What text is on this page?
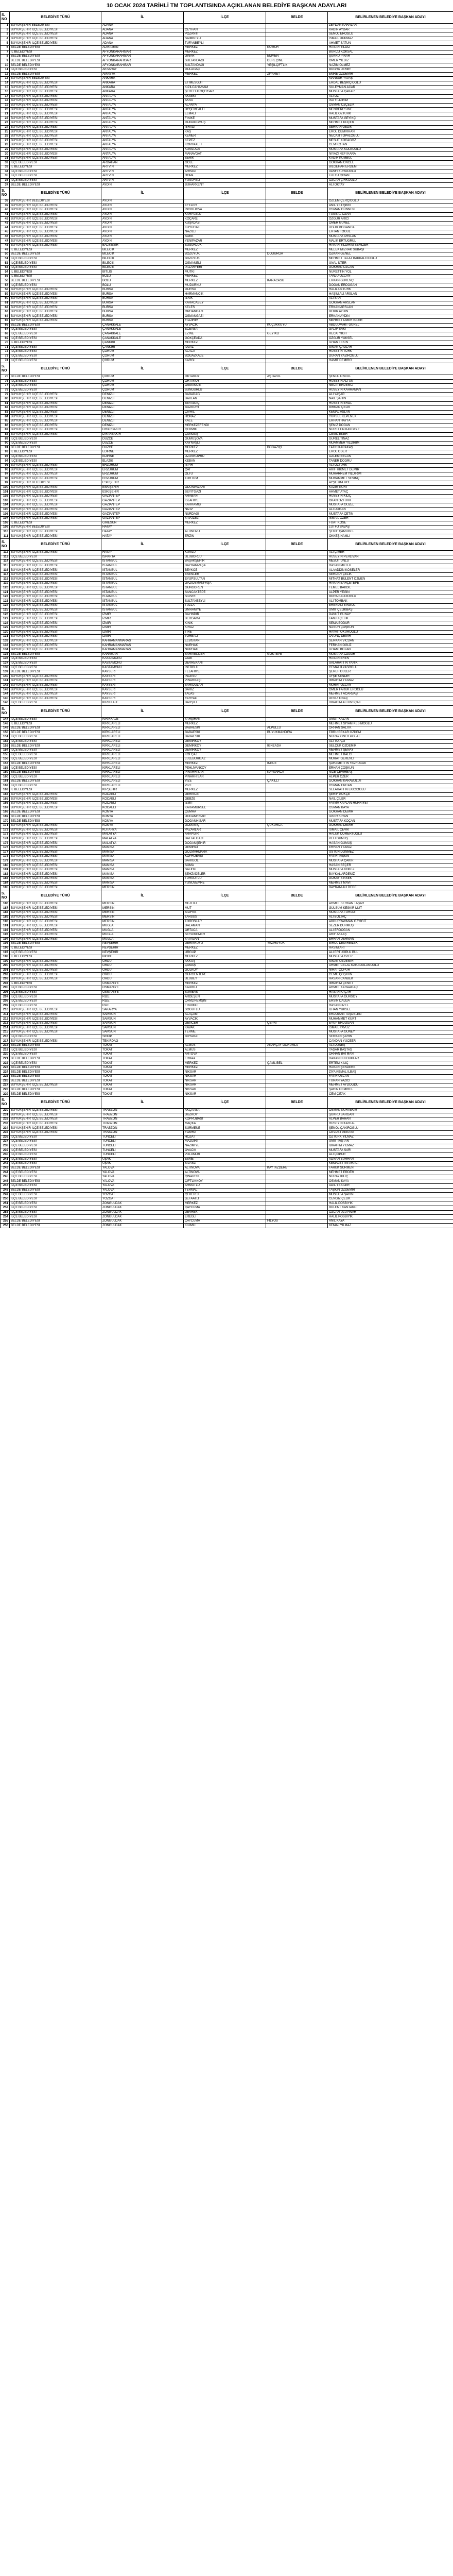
10 OCAK 2024 TARİHLİ TM TOPLANTISINDA AÇIKLANAN BELEDİYE BAŞKAN ADAYLARI
S. NO	BELEDİYE TÜRÜ	İL	İLÇE	BELDE	BELİRLENEN BELEDİYE BAŞKAN ADAYI
1	BÜYÜKŞEHİR BELEDİYESİ	ADANA			ZEYDAN KARALAR
2	BÜYÜKŞEHİR İLÇE BELEDİYESİ	ADANA	CEYHAN		KADİR AYDAR
3	BÜYÜKŞEHİR İLÇE BELEDİYESİ	ADANA	POZANTI		SENOL EROĞLU
4	BÜYÜKŞEHİR İLÇE BELEDİYESİ	ADANA	SAİMBEYLİ		İSMAİL DURMAZ
5	BÜYÜKŞEHİR İLÇE BELEDİYESİ	ADANA	TUFANBEYLİ		AHMET SATUN
6	BELDE BELEDİYESİ	ADIYAMAN	MERKEZ	KÖMÜR	HASAN YILDIZ
7	İL BELEDİYESİ	AFYONKARAHİSAR	MERKEZ		BURCU KÖKSAL
8	BELDE BELEDİYESİ	AFYONKARAHİSAR	DİNAR	EMMEN	ŞÜKRÜ PINAR
9	BELDE BELEDİYESİ	AFYONKARAHİSAR	SULTANDAĞI	DEREÇİNE	ÖMER YILDIZ
10	BELDE BELEDİYESİ	AFYONKARAHİSAR	SULTANDAĞI	YEŞİLÇİFTLİK	NAZIM ÖLMEZ
11	İLÇE BELEDİYESİ	AKSARAY	GÜLAĞAÇ		BUĞRA DEMİR
12	BELDE BELEDİYESİ	AMASYA	MERKEZ	ZİYARET	EMRE ÖZDEMİR
13	BÜYÜKŞEHİR BELEDİYESİ	ANKARA			MANSUR YAVAŞ
14	BÜYÜKŞEHİR İLÇE BELEDİYESİ	ANKARA	ETİMESGUT		ERDAL BEŞİKÇİOĞLU
15	BÜYÜKŞEHİR İLÇE BELEDİYESİ	ANKARA	KIZILCAHAMAM		SÜLEYMAN ACAR
16	BÜYÜKŞEHİR İLÇE BELEDİYESİ	ANKARA	ŞEREFLİKOÇHİSAR		MUSTAFA ÇAKAR
17	BÜYÜKŞEHİR İLÇE BELEDİYESİ	ANTALYA	AKSEKİ		ALİ ÖZ
18	BÜYÜKŞEHİR İLÇE BELEDİYESİ	ANTALYA	AKSU		İSA YILDIRIM
19	BÜYÜKŞEHİR İLÇE BELEDİYESİ	ANTALYA	ALANYA		OSMAN ÖZÇELİK
20	BÜYÜKŞEHİR İLÇE BELEDİYESİ	ANTALYA	DÖŞEMEALTI		MENDERES İNE
21	BÜYÜKŞEHİR İLÇE BELEDİYESİ	ANTALYA	ELMALI		HALİL ÖZTÜRK
22	BÜYÜKŞEHİR İLÇE BELEDİYESİ	ANTALYA	FİNİKE		MUSTAFA GEYİKÇİ
23	BÜYÜKŞEHİR İLÇE BELEDİYESİ	ANTALYA	GÜNDOĞMUŞ		MEHMET KOÇER
24	BÜYÜKŞEHİR İLÇE BELEDİYESİ	ANTALYA	İBRADI		SERKAN GEDİK
25	BÜYÜKŞEHİR İLÇE BELEDİYESİ	ANTALYA	KAŞ		EROL DEMİRHAN
26	BÜYÜKŞEHİR İLÇE BELEDİYESİ	ANTALYA	KEMER		NECATİ TOPALOĞLU
27	BÜYÜKŞEHİR İLÇE BELEDİYESİ	ANTALYA	KEPEZ		MESUT KOCAGÖZ
28	BÜYÜKŞEHİR İLÇE BELEDİYESİ	ANTALYA	KONYAALTI		CEM KOTAN
29	BÜYÜKŞEHİR İLÇE BELEDİYESİ	ANTALYA	KUMLUCA		MUSTAFA KÖLEOĞLU
30	BÜYÜKŞEHİR İLÇE BELEDİYESİ	ANTALYA	MANAVGAT		NİYAZİ NEFİ KARA
31	BÜYÜKŞEHİR İLÇE BELEDİYESİ	ANTALYA	SERİK		KADİR KUMBUL
32	İLÇE BELEDİYESİ	ARDAHAN	GÖLE		GÖKHAN ÖNCEL
33	İL BELEDİYESİ	ARTVİN	MERKEZ		BİLGEHAN ERDEM
34	İLÇE BELEDİYESİ	ARTVİN	ARHAVİ		VASFİ KURDOĞLU
35	İLÇE BELEDİYESİ	ARTVİN	HOPA		LÜTFÜ ÇİRAN
36	İLÇE BELEDİYESİ	ARTVİN	YUSUFELİ		ÖZCAN ÇİRKOĞLU
37	BELDE BELEDİYESİ	AYDIN	BUHARKENT		ALİ OKTAY
S. NO	BELEDİYE TÜRÜ	İL	İLÇE	BELDE	BELİRLENEN BELEDİYE BAŞKAN ADAYI
38	BÜYÜKŞEHİR BELEDİYESİ	AYDIN			ÖZLEM ÇERÇİOĞLU
39	BÜYÜKŞEHİR İLÇE BELEDİYESİ	AYDIN	EFELER		ANIL YETİŞKİN
40	BÜYÜKŞEHİR İLÇE BELEDİYESİ	AYDIN	İNCİRLİOVA		OSMAN GÜNNEN
41	BÜYÜKŞEHİR İLÇE BELEDİYESİ	AYDIN	KARPUZLU		TUĞBAL OZAN
42	BÜYÜKŞEHİR İLÇE BELEDİYESİ	AYDIN	KOÇARLI		ÖZGÜR ARICI
43	BÜYÜKŞEHİR İLÇE BELEDİYESİ	AYDIN	KUŞADASI		ÖMER GÜNEL
44	BÜYÜKŞEHİR İLÇE BELEDİYESİ	AYDIN	KUYUCAK		UĞUR DOĞANCA
45	BÜYÜKŞEHİR İLÇE BELEDİYESİ	AYDIN	NAZİLLİ		ERTAN TOĞUL
46	BÜYÜKŞEHİR İLÇE BELEDİYESİ	AYDIN	SÖKE		MUSTAFA ARSLAN
47	BÜYÜKŞEHİR İLÇE BELEDİYESİ	AYDIN	YENİPAZAR		MALİK ERTUĞRUL
48	BÜYÜKŞEHİR İLÇE BELEDİYESİ	BALIKESİR	SUSURLUK		HAKAN YILDIRIM SEMİZER
49	İL BELEDİYESİ	BİLECİK	MERKEZ		MELEK MIZRAK SUBAŞI
50	BELDE BELEDİYESİ	BİLECİK	BOZÜYÜK	DODURGA	ÖZKAN GENEL
51	İLÇE BELEDİYESİ	BİLECİK	BOZÜYÜK		MEHMET TALAT BAKKALCIOĞLU
52	İLÇE BELEDİYESİ	BİLECİK	OSMANELİ		ÜNAL İLTER
53	İLÇE BELEDİYESİ	BİLECİK	PAZARYERİ		GÖKHAN ÖZCAN
54	İL BELEDİYESİ	BİTLİS	MUTKİ		NURETTİN YOL
55	İL BELEDİYESİ	BOLU	MERKEZ		TANJU ÖZCAN
56	BELDE BELEDİYESİ	BOLU	MERKEZ	KARACASU	ERKAN GÜVENÇ
57	İLÇE BELEDİYESİ	BOLU	MUDURNU		DOĞAN ERDOĞAN
58	BÜYÜKŞEHİR İLÇE BELEDİYESİ	BURSA	GÜRSU		HALİL ÖZTÜRK
59	BÜYÜKŞEHİR İLÇE BELEDİYESİ	BURSA	HARMANCIK		HAŞİM ALİ ARSLAN
60	BÜYÜKŞEHİR İLÇE BELEDİYESİ	BURSA	İZNİK		ALİ SAR
61	BÜYÜKŞEHİR İLÇE BELEDİYESİ	BURSA	KARACABEY		GÖKHAN ARSLAN
62	BÜYÜKŞEHİR İLÇE BELEDİYESİ	BURSA	KELES		ERKAN ARSLAN
63	BÜYÜKŞEHİR İLÇE BELEDİYESİ	BURSA	ORHANGAZİ		BEKİR AYDIN
64	BÜYÜKŞEHİR İLÇE BELEDİYESİ	BURSA	OSMANGAZİ		ERKAN AYDIN
65	BÜYÜKŞEHİR İLÇE BELEDİYESİ	BURSA	YILDIRIM		MEHMET ÖMER NAYİR
66	BELDE BELEDİYESİ	ÇANAKKALE	AYVACIK	KÜÇÜKKUYU	ABDULVAHİT GÜREL
67	İLÇE BELEDİYESİ	ÇANAKKALE	ECEABAT		GALİP SAKİ
68	İLÇE BELEDİYESİ	ÇANAKKALE	EZİNE	GEYİKLİ	RECAİ YİĞİT
69	İLÇE BELEDİYESİ	ÇANAKKALE	GÖKÇEADA		ÖZGÜR YÜKSEL
70	İL BELEDİYESİ	ÇANKIRI	MERKEZ		İLHAN TEKİN
71	İLÇE BELEDİYESİ	ÇANKIRI	ILGAZ		SİNAN ÇAĞLAR
72	İLÇE BELEDİYESİ	ÇORUM	ALACA		HÜSEYİN TORK
73	İLÇE BELEDİYESİ	ÇORUM	BOĞAZKALE		DURAN YAZIROĞLU
74	İLÇE BELEDİYESİ	ÇORUM	KARGI		HAMİT DEMİRCİ
S. NO	BELEDİYE TÜRÜ	İL	İLÇE	BELDE	BELİRLENEN BELEDİYE BAŞKAN ADAYI
75	BELDE BELEDİYESİ	ÇORUM	ORTAKÖY	AŞTAVUL	ŞENOL ÖNCÜL
76	İLÇE BELEDİYESİ	ÇORUM	ORTAKÖY		HÜSEYİN ALTUN
77	İLÇE BELEDİYESİ	ÇORUM	OSMANCIK		NECİP ERDEMCİ
78	İLÇE BELEDİYESİ	ÇORUM	SUNGURLU		HÜSEYİN KAHRAMAN
79	BÜYÜKŞEHİR İLÇE BELEDİYESİ	DENİZLİ	BABADAĞ		ALİ YAŞAR
80	BÜYÜKŞEHİR İLÇE BELEDİYESİ	DENİZLİ	BAKLAN		NAİL ŞAHİN
81	BÜYÜKŞEHİR İLÇE BELEDİYESİ	DENİZLİ	BEYAĞAÇ		HÜSEYİN EROL
82	BÜYÜKŞEHİR İLÇE BELEDİYESİ	DENİZLİ	BOZKURT		BİRKAN ÇELİK
83	BÜYÜKŞEHİR İLÇE BELEDİYESİ	DENİZLİ	ÇİVRİL		KEMAL ASLAN
84	BÜYÜKŞEHİR İLÇE BELEDİYESİ	DENİZLİ	HONAZ		YÜKSEL KEPENEK
85	BÜYÜKŞEHİR İLÇE BELEDİYESİ	DENİZLİ	KALE		ERHAN HAYTA
86	BÜYÜKŞEHİR İLÇE BELEDİYESİ	DENİZLİ	MERKEZEFENDİ		ŞENİZ DOĞAN
87	BÜYÜKŞEHİR İLÇE BELEDİYESİ	DİYARBAKIR	ÇERMİK		NURETTİN KAYGISIZ
88	BÜYÜKŞEHİR İLÇE BELEDİYESİ	DİYARBAKIR	ÇÜNGÜŞ		CEMİL EKER
89	İLÇE BELEDİYESİ	DÜZCE	GÜMÜŞOVA		GÜREL TINAZ
90	İLÇE BELEDİYESİ	DÜZCE	KAYNAŞLI		MUAMMER YILDIRIM
91	BELDE BELEDİYESİ	DÜZCE	MERKEZ	BOĞAZİÇİ	FATİH KARAKAŞ
92	İL BELEDİYESİ	EDİRNE	MERKEZ		EROL ÖDER
93	İLÇE BELEDİYESİ	EDİRNE	UZUNKÖPRÜ		ÖZLEM BECAN
94	İLÇE BELEDİYESİ	ELAZIĞ	KEBAN		TANER DOĞRU
95	BÜYÜKŞEHİR İLÇE BELEDİYESİ	ERZURUM	İSPİR		ALİ ÖZTÜRK
96	BÜYÜKŞEHİR İLÇE BELEDİYESİ	ERZURUM	ÇAT		ARİF HİKMET DEMİR
97	BÜYÜKŞEHİR İLÇE BELEDİYESİ	ERZURUM	OLTU		MUHARREM YILDIRIM
98	BÜYÜKŞEHİR İLÇE BELEDİYESİ	ERZURUM	TORTUM		MUHAMMET SEVİNÇ
99	BÜYÜKŞEHİR BELEDİYESİ	ESKİŞEHİR			AYŞE ÜNLÜCE
100	BÜYÜKŞEHİR İLÇE BELEDİYESİ	ESKİŞEHİR	ODUNPAZARI		KAZIM KURT
101	BÜYÜKŞEHİR İLÇE BELEDİYESİ	ESKİŞEHİR	SEYİTGAZİ		AHMET ATAÇ
102	BÜYÜKŞEHİR İLÇE BELEDİYESİ	GAZİANTEP	ARABAN		HÜSEYİN KILIÇ
103	BÜYÜKŞEHİR İLÇE BELEDİYESİ	GAZİANTEP	İSLAHİYE		OKAN ÖZTÜRK
104	BÜYÜKŞEHİR İLÇE BELEDİYESİ	GAZİANTEP	KARKAMIŞ		MUSTAFA GÜZEL
105	BÜYÜKŞEHİR İLÇE BELEDİYESİ	GAZİANTEP	NİZİP		ALİ DOĞAN
106	BÜYÜKŞEHİR İLÇE BELEDİYESİ	GAZİANTEP	NURDAĞI		MUSTAFA ÇETİN
107	BÜYÜKŞEHİR İLÇE BELEDİYESİ	GAZİANTEP	YAVUZELİ		İSMAİL ÖZER
108	İL BELEDİYESİ	GİRESUN	MERKEZ		FUAT KÖSE
109	BÜYÜKŞEHİR BELEDİYESİ	HATAY			LÜTFÜ SAVAŞ
110	BÜYÜKŞEHİR İLÇE BELEDİYESİ	HATAY	ALTINÖZÜ		ŞERİF ÇAMLIBEL
111	BÜYÜKŞEHİR İLÇE BELEDİYESİ	HATAY	ERZİN		ÖKKEŞ NAMLI
S. NO	BELEDİYE TÜRÜ	İL	İLÇE	BELDE	BELİRLENEN BELEDİYE BAŞKAN ADAYI
112	BÜYÜKŞEHİR İLÇE BELEDİYESİ	HATAY	KUMLU		ALİ ÇİMER
113	İLÇE BELEDİYESİ	ISPARTA	ULUBORLU		HÜSEYİN PEHLİVAN
114	BÜYÜKŞEHİR İLÇE BELEDİYESİ	İSTANBUL	BAŞAKŞEHİR		MESUT ÜNLÜ
115	BÜYÜKŞEHİR İLÇE BELEDİYESİ	İSTANBUL	BAYRAMPAŞA		HASAN MUTLU
116	BÜYÜKŞEHİR İLÇE BELEDİYESİ	İSTANBUL	BEYKOZ		ALAADDİN KÖSELER
117	BÜYÜKŞEHİR İLÇE BELEDİYESİ	İSTANBUL	ESENLER		SERDAR ÇELİK
118	BÜYÜKŞEHİR İLÇE BELEDİYESİ	İSTANBUL	EYÜPSULTAN		MİTHAT BÜLENT ÖZMEN
119	BÜYÜKŞEHİR İLÇE BELEDİYESİ	İSTANBUL	GAZİOSMANPAŞA		HAKAN BAHÇETEPE
120	BÜYÜKŞEHİR İLÇE BELEDİYESİ	İSTANBUL	GÜNGÖREN		TEMEL BAKDIL
121	BÜYÜKŞEHİR İLÇE BELEDİYESİ	İSTANBUL	SANCAKTEPE		ALPER YEĞİN
122	BÜYÜKŞEHİR İLÇE BELEDİYESİ	İSTANBUL	SİLİVRİ		BORA BALCIOĞLU
123	BÜYÜKŞEHİR İLÇE BELEDİYESİ	İSTANBUL	SULTANBEYLİ		ALİ TOMBAK
124	BÜYÜKŞEHİR İLÇE BELEDİYESİ	İSTANBUL	TUZLA		EREN ALİ BİNGÖL
125	BÜYÜKŞEHİR İLÇE BELEDİYESİ	İSTANBUL	ÜMRANİYE		ÜMİT ÇELİKBAŞ
126	BÜYÜKŞEHİR İLÇE BELEDİYESİ	İZMİR	BAYINDIR		DAVUT GÜNAY
127	BÜYÜKŞEHİR İLÇE BELEDİYESİ	İZMİR	BERGAMA		TANJU ÇELİK
128	BÜYÜKŞEHİR İLÇE BELEDİYESİ	İZMİR	KINIK		SEMA BODUR
129	BÜYÜKŞEHİR İLÇE BELEDİYESİ	İZMİR	KİRAZ		NASUH ÇOŞKUN
130	BÜYÜKŞEHİR İLÇE BELEDİYESİ	İZMİR	TİRE		HAYATİ OKUROĞLU
131	BÜYÜKŞEHİR İLÇE BELEDİYESİ	İZMİR	TORBALI		ÖVÜNÇ DEMİR
132	BÜYÜKŞEHİR İLÇE BELEDİYESİ	KAHRAMANMARAŞ	ELBİSTAN		SERKAN VİCDAN
133	BÜYÜKŞEHİR İLÇE BELEDİYESİ	KAHRAMANMARAŞ	NURHAK		FERHAN OĞUZ
134	BÜYÜKŞEHİR İLÇE BELEDİYESİ	KAHRAMANMARAŞ	NURHAK		İLHAMİ BOZAN
135	BELDE BELEDİYESİ	KARAMAN	SARIVELİLER	GÖKTEPE	MUSTAFA ÖZGÜR
136	İLÇE BELEDİYESİ	KASTAMONU	CİDE		HASAN EREN
137	İLÇE BELEDİYESİ	KASTAMONU	DEVREKANİ		SALAHATTİN YANIK
138	İLÇE BELEDİYESİ	KASTAMONU	İNEBOLU		CEMAL ILYASOĞLU
139	BELDE BELEDİYESİ	KAYSERİ	FELAHİYE		ŞEREF GÜLER
140	BÜYÜKŞEHİR İLÇE BELEDİYESİ	KAYSERİ	İNCESU		AYŞE KENDİR
141	BÜYÜKŞEHİR İLÇE BELEDİYESİ	KAYSERİ	PINARBAŞI		İBRAHİM YILMAZ
142	BÜYÜKŞEHİR İLÇE BELEDİYESİ	KAYSERİ	SARIOĞLAN		MURAT ÖZCAN
143	BÜYÜKŞEHİR İLÇE BELEDİYESİ	KAYSERİ	SARIZ		ÖMER FARUK EROĞLU
144	BÜYÜKŞEHİR İLÇE BELEDİYESİ	KAYSERİ	TALAS		MEHMET ACARBAŞ
145	BÜYÜKŞEHİR İLÇE BELEDİYESİ	KAYSERİ	YAHYALI		DENİZ ONAÇ
146	İLÇE BELEDİYESİ	KIRIKKALE	BAHŞILI		İBRAHİM ALTUNSÇAK
S. NO	BELEDİYE TÜRÜ	İL	İLÇE	BELDE	BELİRLENEN BELEDİYE BAŞKAN ADAYI
147	İLÇE BELEDİYESİ	KIRIKKALE	YAHŞİHAN		UMUT KAZAN
148	İL BELEDİYESİ	KIRKLARELİ	MERKEZ		MEHMET SİYAM KESİMOĞLU
149	BELDE BELEDİYESİ	KIRKLARELİ	BABAESKİ	ALPULLU	ORHAN SALTIK
150	BELDE BELEDİYESİ	KIRKLARELİ	BABAESKİ	BÜYÜKMANDIRA	EBRU BEKAR ÖZDEM
151	İLÇE BELEDİYESİ	KIRKLARELİ	BABAESKİ		NURAY ÖNER POLAT
152	İLÇE BELEDİYESİ	KIRKLARELİ	DEMİRKÖY		ALİ TOPÇU
153	BELDE BELEDİYESİ	KIRKLARELİ	DEMİRKÖY	İĞNEADA	SELÇUK ÖZDEMİR
154	İLÇE BELEDİYESİ	KIRKLARELİ	DEMİRKÖY		MEHMET ŞENAY
155	İLÇE BELEDİYESİ	KIRKLARELİ	KOFÇAZ		MEHMET BALCI
156	İLÇE BELEDİYESİ	KIRKLARELİ	LÜLEBURGAZ		MURAT GERENLİ
157	BELDE BELEDİYESİ	KIRKLARELİ	MERKEZ	İNECE	ŞAHAMETTİN YAVRUCAK
158	İLÇE BELEDİYESİ	KIRKLARELİ	PEHLİVANKÖY		ERHAN ÇOŞKUN
159	BELDE BELEDİYESİ	KIRKLARELİ	PINARHİSAR	KAYNARCA	NİZE ÇEVİRBAŞ
160	İLÇE BELEDİYESİ	KIRKLARELİ	PINARHİSAR		ALPER ÖZER
161	BELDE BELEDİYESİ	KIRKLARELİ	VİZE	ÇAKILLI	GÖKHAN KARABULUT
162	İLÇE BELEDİYESİ	KIRKLARELİ	VİZE		OSMAN ERCAN
163	İL BELEDİYESİ	KIRŞEHİR	MERKEZ		SELAHATTİN EKİCİOĞLU
164	BÜYÜKŞEHİR İLÇE BELEDİYESİ	KOCAELİ	DERİNCE		ŞERİF GÖKÇE
165	BÜYÜKŞEHİR İLÇE BELEDİYESİ	KOCAELİ	GEBZE		NAİL ÇİLER
166	BÜYÜKŞEHİR İLÇE BELEDİYESİ	KOCAELİ	İZMİT		FATMA KAPLAN HÜRRİYET
167	BÜYÜKŞEHİR İLÇE BELEDİYESİ	KOCAELİ	KARAMÜRSEL		OSMAN KAYA
168	BELDE BELEDİYESİ	KONYA	ÇUMRA		GÖKHAN DEMİR
169	BELDE BELEDİYESİ	KONYA	DOĞANHİSAR		İLKER KIRAN
170	BELDE BELEDİYESİ	KONYA	DOĞANHİSAR		MUSTAFA KOÇAN
171	BÜYÜKŞEHİR İLÇE BELEDİYESİ	KONYA	DOMANIÇ	ÇUKURCA	GÖKHAN DEMİR
172	BÜYÜKŞEHİR İLÇE BELEDİYESİ	KÜTAHYA	PAZARLAR		İSMAİL ÇEVİK
173	BÜYÜKŞEHİR İLÇE BELEDİYESİ	MALATYA	ARAPGİR		HALUK CÖMERTOĞLU
174	BÜYÜKŞEHİR İLÇE BELEDİYESİ	MALATYA	BATTALGAZİ		VELİ GÜMÜŞ
175	BÜYÜKŞEHİR İLÇE BELEDİYESİ	MALATYA	DOĞANŞEHİR		HASAN GÜMÜŞ
176	BÜYÜKŞEHİR İLÇE BELEDİYESİ	MANİSA	DEMİRCİ		ERHAN YILMAZ
177	BÜYÜKŞEHİR İLÇE BELEDİYESİ	MANİSA	GÖLMARMARA		ÜSTÜN DÖNMEZ
178	BÜYÜKŞEHİR İLÇE BELEDİYESİ	MANİSA	KÖPRÜBAŞI		FATİH TAŞKIN
179	BÜYÜKŞEHİR İLÇE BELEDİYESİ	MANİSA	SARIGÖL		MUSTAFA ÇAKIR
180	BÜYÜKŞEHİR İLÇE BELEDİYESİ	MANİSA	SOMA		HASAN SEÇER
181	BÜYÜKŞEHİR İLÇE BELEDİYESİ	MANİSA	SALİHLİ		MUSTAFA KÖKEZ
182	BÜYÜKŞEHİR İLÇE BELEDİYESİ	MANİSA	ŞEHZADELER		BAYKAL ARDENİZ
183	BÜYÜKŞEHİR İLÇE BELEDİYESİ	MANİSA	TURGUTLU		GÖKAY SİNSEK
184	BÜYÜKŞEHİR İLÇE BELEDİYESİ	MANİSA	YUNUSEMRE		MEHMET MAVİ
185	BÜYÜKŞEHİR İLÇE BELEDİYESİ	MERSİN			BAYRAM ALİ DEDE
S. NO	BELEDİYE TÜRÜ	İL	İLÇE	BELDE	BELİRLENEN BELEDİYE BAŞKAN ADAYI
186	BÜYÜKŞEHİR İLÇE BELEDİYESİ	MERSİN	MEZİTLİ		AHMET SERKAN TAŞAR
187	BÜYÜKŞEHİR İLÇE BELEDİYESİ	MERSİN	MUT		GÜLSÜM KESKİR MUT
188	BÜYÜKŞEHİR İLÇE BELEDİYESİ	MERSİN	SİLİFKE		MUSTAFA TURGUT
189	BÜYÜKŞEHİR İLÇE BELEDİYESİ	MERSİN	TARSUS		ALİ BOLTAÇ
190	BÜYÜKŞEHİR İLÇE BELEDİYESİ	MERSİN	TOROSLAR		ABDURRAHMAN ÖZYİĞİT
191	BÜYÜKŞEHİR İLÇE BELEDİYESİ	MUĞLA	DALAMAN		SEZER DURMUŞ
192	BÜYÜKŞEHİR İLÇE BELEDİYESİ	MUĞLA	ORTACA		ALİ ERDOĞAN
193	BÜYÜKŞEHİR İLÇE BELEDİYESİ	MUĞLA	SEYDİKEMER		ARİF AKTAŞ
194	BÜYÜKŞEHİR İLÇE BELEDİYESİ	MUĞLA	YATAĞAN		ERHAN DERMAN
195	BELDE BELEDİYESİ	NEVŞEHİR	DERİNKUYU	YAZIHÜYÜK	BİROL DEMİRBİLEK
196	İL BELEDİYESİ	NEVŞEHİR	MERKEZ		RASİM ARI
197	İLÇE BELEDİYESİ	NEVŞEHİR	ÜRGÜP		ALİ ERTUĞRUL BUL
198	İL BELEDİYESİ	NİĞDE	MERKEZ		MUSTAFA ÖZER
199	BÜYÜKŞEHİR İLÇE BELEDİYESİ	ORDU	AKKUŞ		SİNAN ÖZDEMİR
200	BÜYÜKŞEHİR İLÇE BELEDİYESİ	ORDU	ÇAMAŞ		AHMET CELAL KARAOĞLANOĞLU
201	BÜYÜKŞEHİR İLÇE BELEDİYESİ	ORDU	GÖLKÖY		NİHAT ÇOPUR
202	BÜYÜKŞEHİR İLÇE BELEDİYESİ	ORDU	GÜRGENTEPE		CEMİL ÇOŞKUN
203	BÜYÜKŞEHİR İLÇE BELEDİYESİ	ORDU	ULUBEY		HASAN CANBEK
204	İL BELEDİYESİ	OSMANİYE	MERKEZ		İBRAHİM ÇENET
205	İLÇE BELEDİYESİ	OSMANİYE	KADİRLİ		AHMET KARAAĞAÇ
206	İLÇE BELEDİYESİ	OSMANİYE	SUMBAS		HASAN KAÇAR
207	İLÇE BELEDİYESİ	RİZE	ARDEŞEN		MUSTAFA GÜRSOY
208	İLÇE BELEDİYESİ	RİZE	ÇAMLIHEMŞİN		ERSİN DALGA
209	İLÇE BELEDİYESİ	RİZE	FINDIKLI		HASAN ÖZEL
210	BÜYÜKŞEHİR İLÇE BELEDİYESİ	SAKARYA	SÖĞÜTLÜ		İLHAN YÜKSEL
211	BÜYÜKŞEHİR İLÇE BELEDİYESİ	SAMSUN	ALAÇAM		ERDOĞAN TAŞDELEN
212	BÜYÜKŞEHİR İLÇE BELEDİYESİ	SAMSUN	AYVACIK		MUHAMMET KURT
213	BÜYÜKŞEHİR İLÇE BELEDİYESİ	SAMSUN	GENCER	ÇEPNİ	EYÜP ERDOĞAN
214	BÜYÜKŞEHİR İLÇE BELEDİYESİ	SAMSUN	KAVAK		İSMAİL YAVUZ
215	BÜYÜKŞEHİR İLÇE BELEDİYESİ	SAMSUN	TERME		MUSTAFA GÜNEY
216	İLÇE BELEDİYESİ	SİNOP	BOYABAT		SERKAN ŞAHİN
217	BÜYÜKŞEHİR İLÇE BELEDİYESİ	TEKİRDAĞ			CANDAN YÜCEER
218	BELDE BELEDİYESİ	TOKAT	ALMUS	AKARÇAY GÖRÜMLÜ	ALİ DÜNEŞ
219	İLÇE BELEDİYESİ	TOKAT	ALMUS		YAŞAR BAŞTAŞ
220	İLÇE BELEDİYESİ	TOKAT	ARTOVA		ORHAN BATMAN
221	BELDE BELEDİYESİ	TOKAT	ERBAA		HAKAN BULDUKLAR
222	İLÇE BELEDİYESİ	TOKAT	MERKEZ	ÇAMLIBEL	ERTEM KILIÇ
223	BELDE BELEDİYESİ	TOKAT	MERKEZ		HAKAN ŞENDERE
224	BELDE BELEDİYESİ	TOKAT	NİKSAR		ZİYA KEMAL İLBAŞ
225	BELDE BELEDİYESİ	TOKAT	NİKSAR		FATİH ÖZCAN
226	BELDE BELEDİYESİ	TOKAT	NİKSAR		TURAN YAZICI
227	BÜYÜKŞEHİR İLÇE BELEDİYESİ	TOKAT	NİKSAR		MEHMET AYDOĞDU
228	BELDE BELEDİYESİ	TOKAT	NİKSAR		ŞAHİN DEMİREL
229	BELDE BELEDİYESİ	TOKAT	NİKSAR		CEM ÇITAK
S. NO	BELEDİYE TÜRÜ	İL	İLÇE	BELDE	BELİRLENEN BELEDİYE BAŞKAN ADAYI
230	BÜYÜKŞEHİR İLÇE BELEDİYESİ	TRABZON	AKÇAABAT		OSMAN NURİ EKİM
231	BÜYÜKŞEHİR İLÇE BELEDİYESİ	TRABZON	DÜZKÖY		ŞÜKRÜ SARGAN
232	BÜYÜKŞEHİR İLÇE BELEDİYESİ	TRABZON	KÖPRÜBAŞI		ALPER BARAN
233	BÜYÜKŞEHİR İLÇE BELEDİYESİ	TRABZON	MAÇKA		HÜSEYİN KARTAL
234	BÜYÜKŞEHİR İLÇE BELEDİYESİ	TRABZON	SÜRMENE		ŞENOL ÇAKIROĞLU
235	BÜYÜKŞEHİR İLÇE BELEDİYESİ	TRABZON	YOMRA		CEVDET AKKAYA
236	İLÇE BELEDİYESİ	TUNCELİ	HOZAT		ÖZTÜRK YILMAZ
237	İLÇE BELEDİYESİ	TUNCELİ	MAZGİRT		ÜMİT TAŞTAN
238	İLÇE BELEDİYESİ	TUNCELİ	NAZIMİYE		İBRAHİM YILMAZ
239	İLÇE BELEDİYESİ	TUNCELİ	OVACIK		MUSTAFA SARI
240	İLÇE BELEDİYESİ	TUNCELİ	PÜLÜMÜR		ALİ ÇOPUR
241	İLÇE BELEDİYESİ	UŞAK	ESME		ADNAN BURHAN
242	İLÇE BELEDİYESİ	UŞAK	SİVASLI		KEMALETTİN ARACI
243	BELDE BELEDİYESİ	YALOVA	ALTINOVA	KAYTAZDERE	FARUK SÜRMEN
244	İLÇE BELEDİYESİ	YALOVA	ALTINOVA		MEHMET ERDEM
245	İLÇE BELEDİYESİ	YALOVA	ÇINARCIK		NURAY KILIÇ
246	BELDE BELEDİYESİ	YALOVA	ÇİFTLİKKÖY		OSMAN KAYA
247	İLÇE BELEDİYESİ	YALOVA	ARMUTLU		ADİL YESİLER
248	BELDE BELEDİYESİ	YALOVA	TERMAL		TAŞKIN ÖZDEMİR
249	İLÇE BELEDİYESİ	YOZGAT	ÇEKEREK		MUSTAFA ŞAHİN
250	İLÇE BELEDİYESİ	YOZGAT	ŞEFAATLİ		CENGİZ ÇELİK
251	İLÇE BELEDİYESİ	ZONGULDAK	MERKEZ		HALİL POSBIYIK
252	İLÇE BELEDİYESİ	ZONGULDAK	ÇAYCUMA		BÜLENT KANTARCI
253	İLÇE BELEDİYESİ	ZONGULDAK	DEVREK		ÖZCAN ULUPINAR
254	İLÇE BELEDİYESİ	ZONGULDAK	EREĞLİ		HALİL POSBIYIK
255	BELDE BELEDİYESİ	ZONGULDAK	ÇAYCUMA	FİLYOS	ANIL KAYA
256	BELDE BELEDİYESİ	ZONGULDAK	KİLİMLİ		KEMAL YILMAZ
